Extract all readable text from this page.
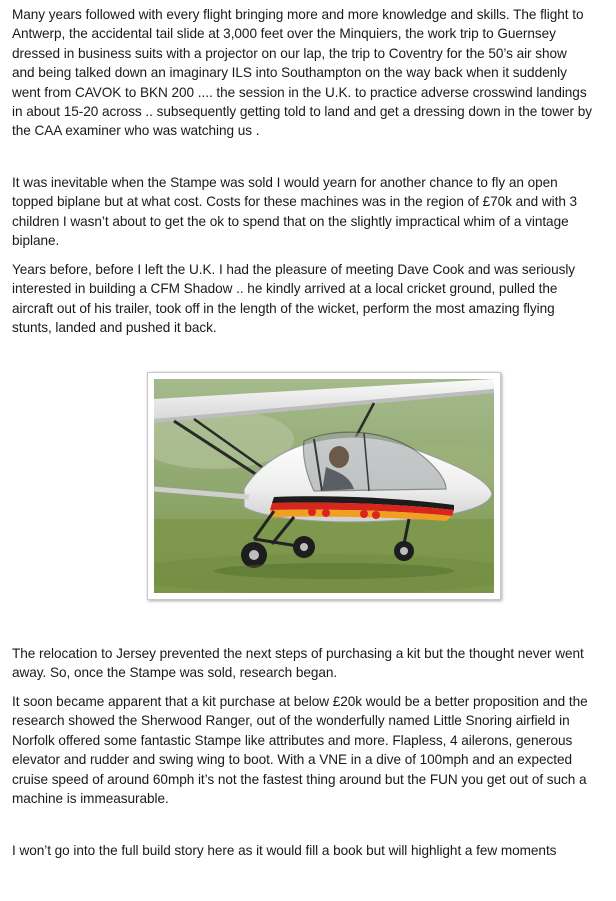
Many years followed with every flight bringing more and more knowledge and skills. The flight to Antwerp, the accidental tail slide at 3,000 feet over the Minquiers, the work trip to Guernsey dressed in business suits with a projector on our lap, the trip to Coventry for the 50’s air show and being talked down an imaginary ILS into Southampton on the way back when it suddenly went from CAVOK to BKN 200 .... the session in the U.K. to practice adverse crosswind landings in about 15-20 across .. subsequently getting told to land and get a dressing down in the tower by the CAA examiner who was watching us .

It was inevitable when the Stampe was sold I would yearn for another chance to fly an open topped biplane but at what cost. Costs for these machines was in the region of £70k and with 3 children I wasn’t about to get the ok to spend that on the slightly impractical whim of a vintage biplane.

Years before, before I left the U.K. I had the pleasure of meeting Dave Cook and was seriously interested in building a CFM Shadow .. he kindly arrived at a local cricket ground, pulled the aircraft out of his trailer, took off in the length of the wicket, perform the most amazing flying stunts, landed and pushed it back.

The relocation to Jersey prevented the next steps of purchasing a kit but the thought never went away. So, once the Stampe was sold, research began.

It soon became apparent that a kit purchase at below £20k would be a better proposition and the research showed the Sherwood Ranger, out of the wonderfully named Little Snoring airfield in Norfolk offered some fantastic Stampe like attributes and more. Flapless, 4 ailerons, generous elevator and rudder and swing wing to boot. With a VNE in a dive of 100mph and an expected cruise speed of around 60mph it’s not the fastest thing around but the FUN you get out of such a machine is immeasurable.

I won’t go into the full build story here as it would fill a book but will highlight a few moments
